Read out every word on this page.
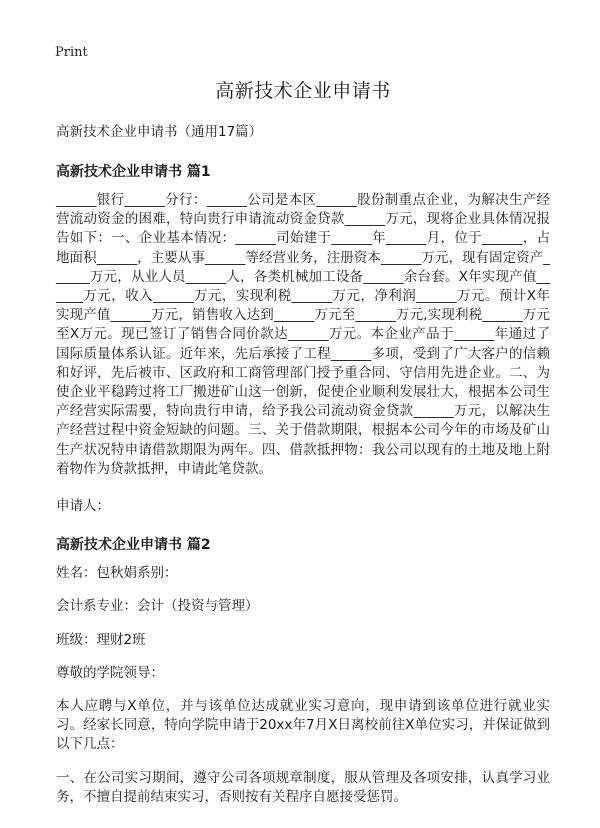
Print
高新技术企业申请书
高新技术企业申请书（通用17篇）
高新技术企业申请书 篇1
______银行______分行：______公司是本区______股份制重点企业，为解决生产经营流动资金的困难，特向贵行申请流动资金贷款______万元，现将企业具体情况报告如下：一、企业基本情况：______司始建于______年______月，位于______，占地面积______，主要从事______等经营业务，注册资本______万元，现有固定资产______万元，从业人员______人，各类机械加工设备______余台套。X年实现产值______万元，收入______万元，实现利税______万元，净利润______万元。预计X年实现产值______万元，销售收入达到______万元至______万元,实现利税______万元至X万元。现已签订了销售合同价款达______万元。本企业产品于______年通过了国际质量体系认证。近年来，先后承接了工程______多项，受到了广大客户的信赖和好评，先后被市、区政府和工商管理部门授予重合同、守信用先进企业。二、为使企业平稳跨过将工厂搬进矿山这一创新，促使企业顺利发展壮大，根据本公司生产经营实际需要，特向贵行申请，给予我公司流动资金贷款______万元，以解决生产经营过程中资金短缺的问题。三、关于借款期限，根据本公司今年的市场及矿山生产状况特申请借款期限为两年。四、借款抵押物：我公司以现有的土地及地上附着物作为贷款抵押，申请此笔贷款。
申请人：
高新技术企业申请书 篇2
姓名：包秋娟系别：
会计系专业：会计（投资与管理）
班级：理财2班
尊敬的学院领导：
本人应聘与X单位，并与该单位达成就业实习意向，现申请到该单位进行就业实习。经家长同意，特向学院申请于20xx年7月X日离校前往X单位实习，并保证做到以下几点：
一、在公司实习期间，遵守公司各项规章制度，服从管理及各项安排，认真学习业务，不擅自提前结束实习，否则按有关程序自愿接受惩罚。
